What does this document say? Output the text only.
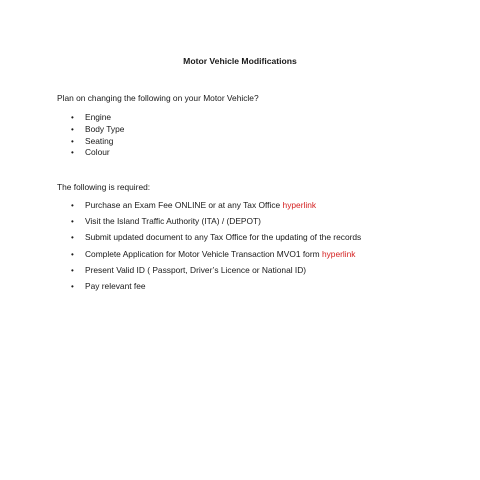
Motor Vehicle Modifications
Plan on changing the following on your Motor Vehicle?
• Engine
• Body Type
• Seating
• Colour
The following is required:
• Purchase an Exam Fee ONLINE or at any Tax Office hyperlink
• Visit the Island Traffic Authority (ITA) / (DEPOT)
• Submit updated document to any Tax Office for the updating of the records
• Complete Application for Motor Vehicle Transaction MVO1 form hyperlink
• Present Valid ID ( Passport, Driver’s Licence or National ID)
• Pay relevant fee
